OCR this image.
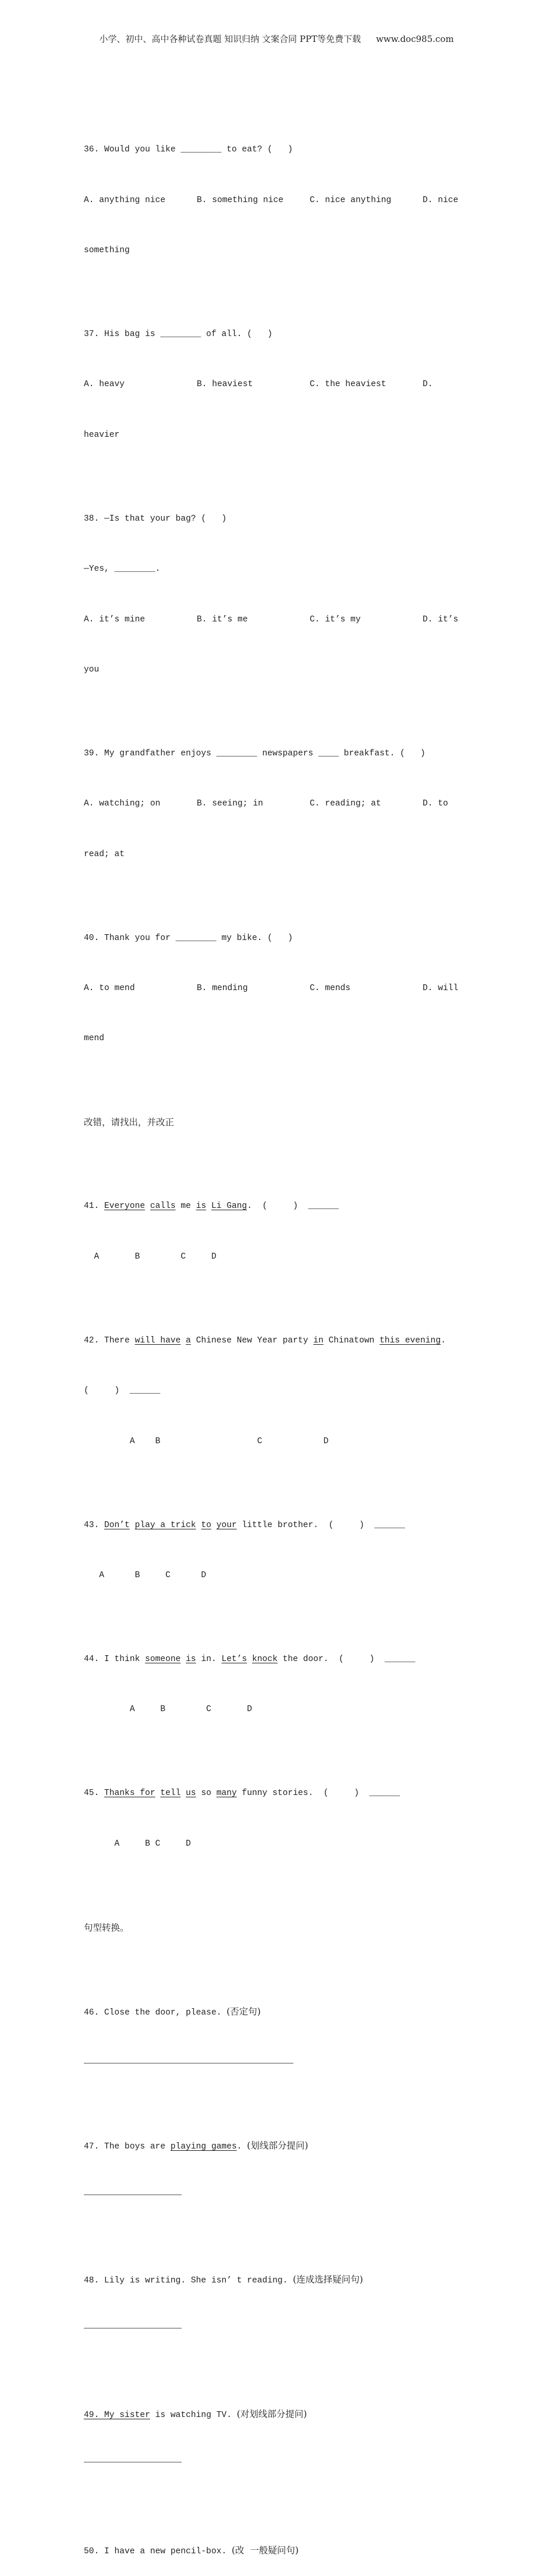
小学、初中、高中各种试卷真题 知识归纳 文案合同 PPT等免费下载 www.doc985.com

36. Would you like ________ to eat? (   )

A. anything nice

	B. something nice

	C. nice anything

	D. nice

something

37. His bag is ________ of all. (   )

A. heavy

	B. heaviest

	C. the heaviest

	D.

heavier

38. —Is that your bag? (   )

—Yes, ________.

A. it’s mine

	B. it’s me

	C. it’s my

	D. it’s

you

39. My grandfather enjoys ________ newspapers ____ breakfast. (   )

A. watching; on

	B. seeing; in

	C. reading; at

	D. to

read; at

40. Thank you for ________ my bike. (   )

A. to mend

	B. mending

	C. mends

	D. will

mend

改错，请找出，并改正

41. Everyone calls me is Li Gang.  (     )  ______

A       B        C     D

42. There will have a Chinese New Year party in Chinatown this evening.

(     )  ______

A    B                   C            D

43. Don’t play a trick to your little brother.  (     )  ______

A      B     C      D

44. I think someone is in. Let’s knock the door.  (     )  ______

A     B        C       D

45. Thanks for tell us so many funny stories.  (     )  ______

A     B C     D

句型转换。

46. Close the door, please. (否定句)

47. The boys are playing games. (划线部分提问)

48. Lily is writing. She isn’ t reading. (连成选择疑问句)

49. My sister is watching TV. (对划线部分提问)

50. I have a new pencil-box. (改  一般疑问句)
